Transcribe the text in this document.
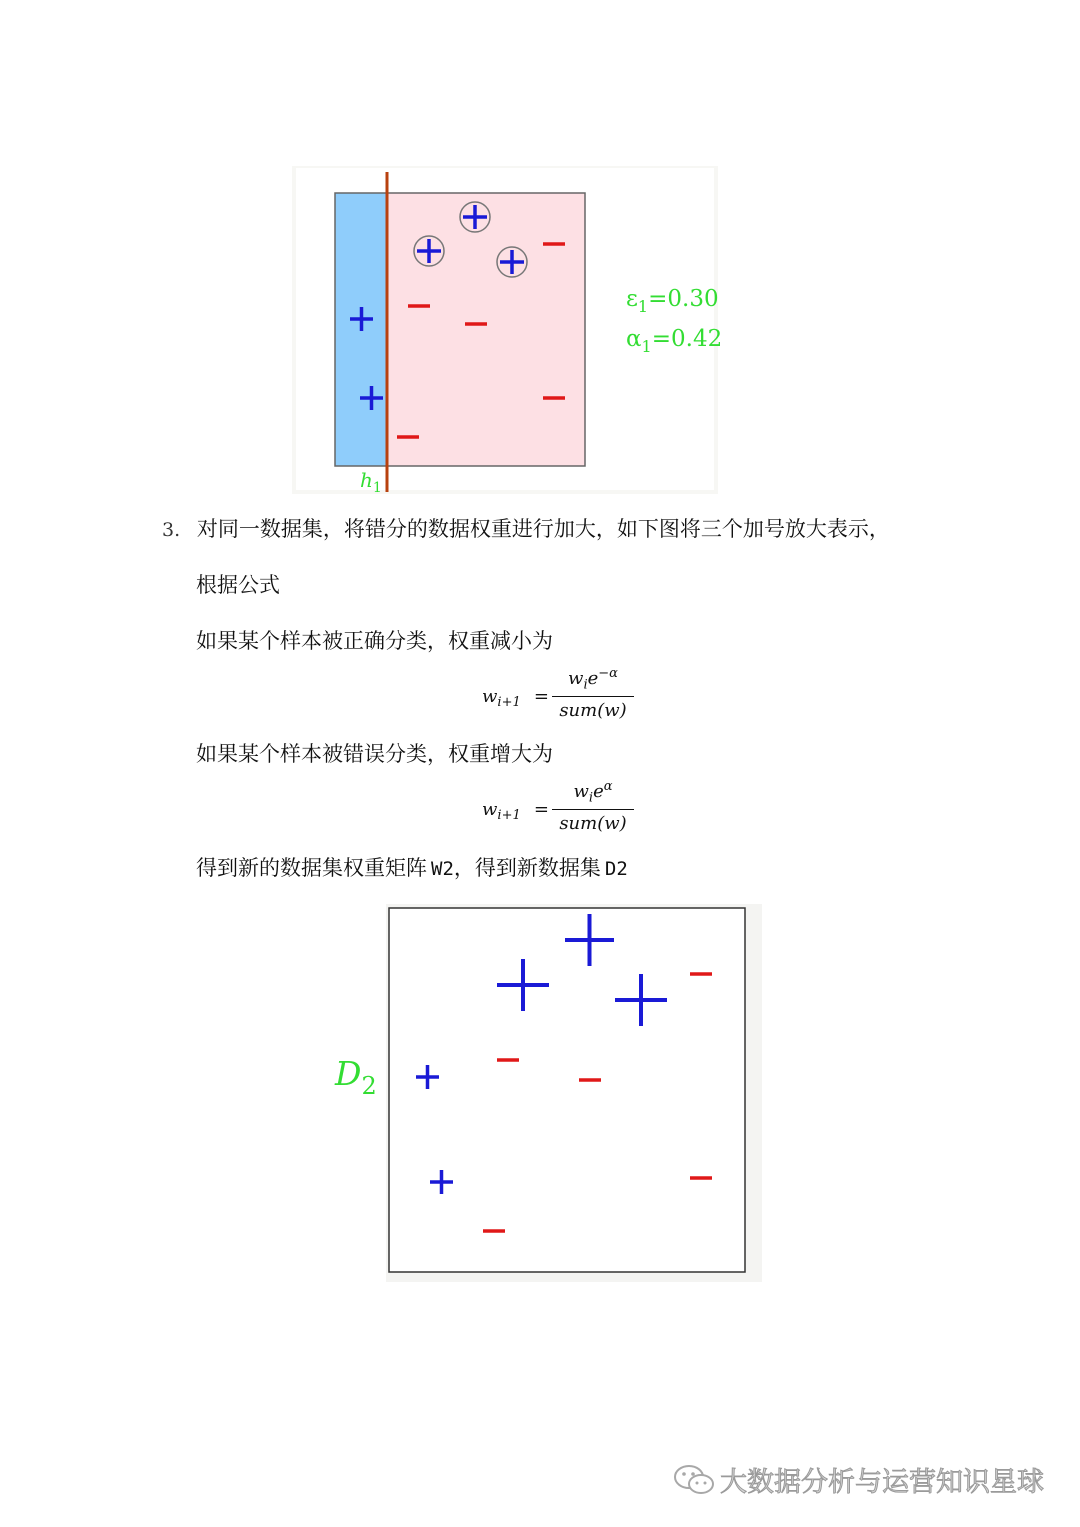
$h_1$
$\varepsilon_1=0.30$
$\alpha_1=0.42$
3. 对同一数据集，将错分的数据权重进行加大，如下图将三个加号放大表示，
根据公式
如果某个样本被正确分类，权重减小为
$w_{i+1}$ =
$w_ie^{-\alpha}$
sum(w)
如果某个样本被错误分类，权重增大为
$w_{i+1}$ =
$w_ie^\alpha$
sum(w)
得到新的数据集权重矩阵 W2，得到新数据集 D2
$D_2$
大数据分析与运营知识星球
